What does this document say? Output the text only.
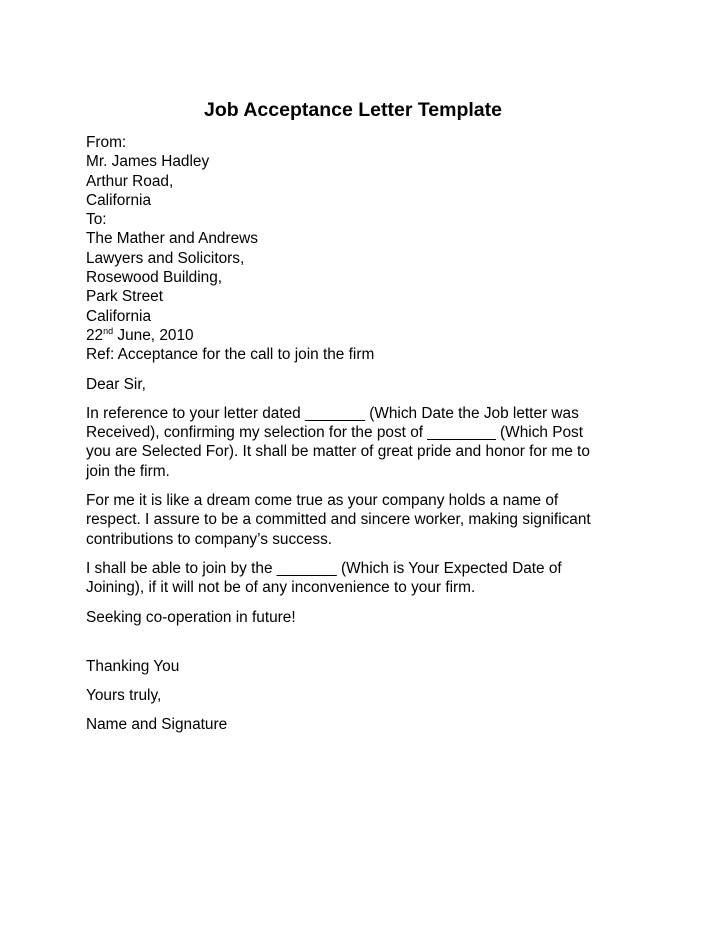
Job Acceptance Letter Template
From:
Mr. James Hadley
Arthur Road,
California
To:
The Mather and Andrews
Lawyers and Solicitors,
Rosewood Building,
Park Street
California
22nd June, 2010
Ref: Acceptance for the call to join the firm
Dear Sir,
In reference to your letter dated _______ (Which Date the Job letter was
Received), confirming my selection for the post of ________ (Which Post
you are Selected For). It shall be matter of great pride and honor for me to
join the firm.
For me it is like a dream come true as your company holds a name of
respect. I assure to be a committed and sincere worker, making significant
contributions to company’s success.
I shall be able to join by the _______ (Which is Your Expected Date of
Joining), if it will not be of any inconvenience to your firm.
Seeking co-operation in future!
Thanking You
Yours truly,
Name and Signature
